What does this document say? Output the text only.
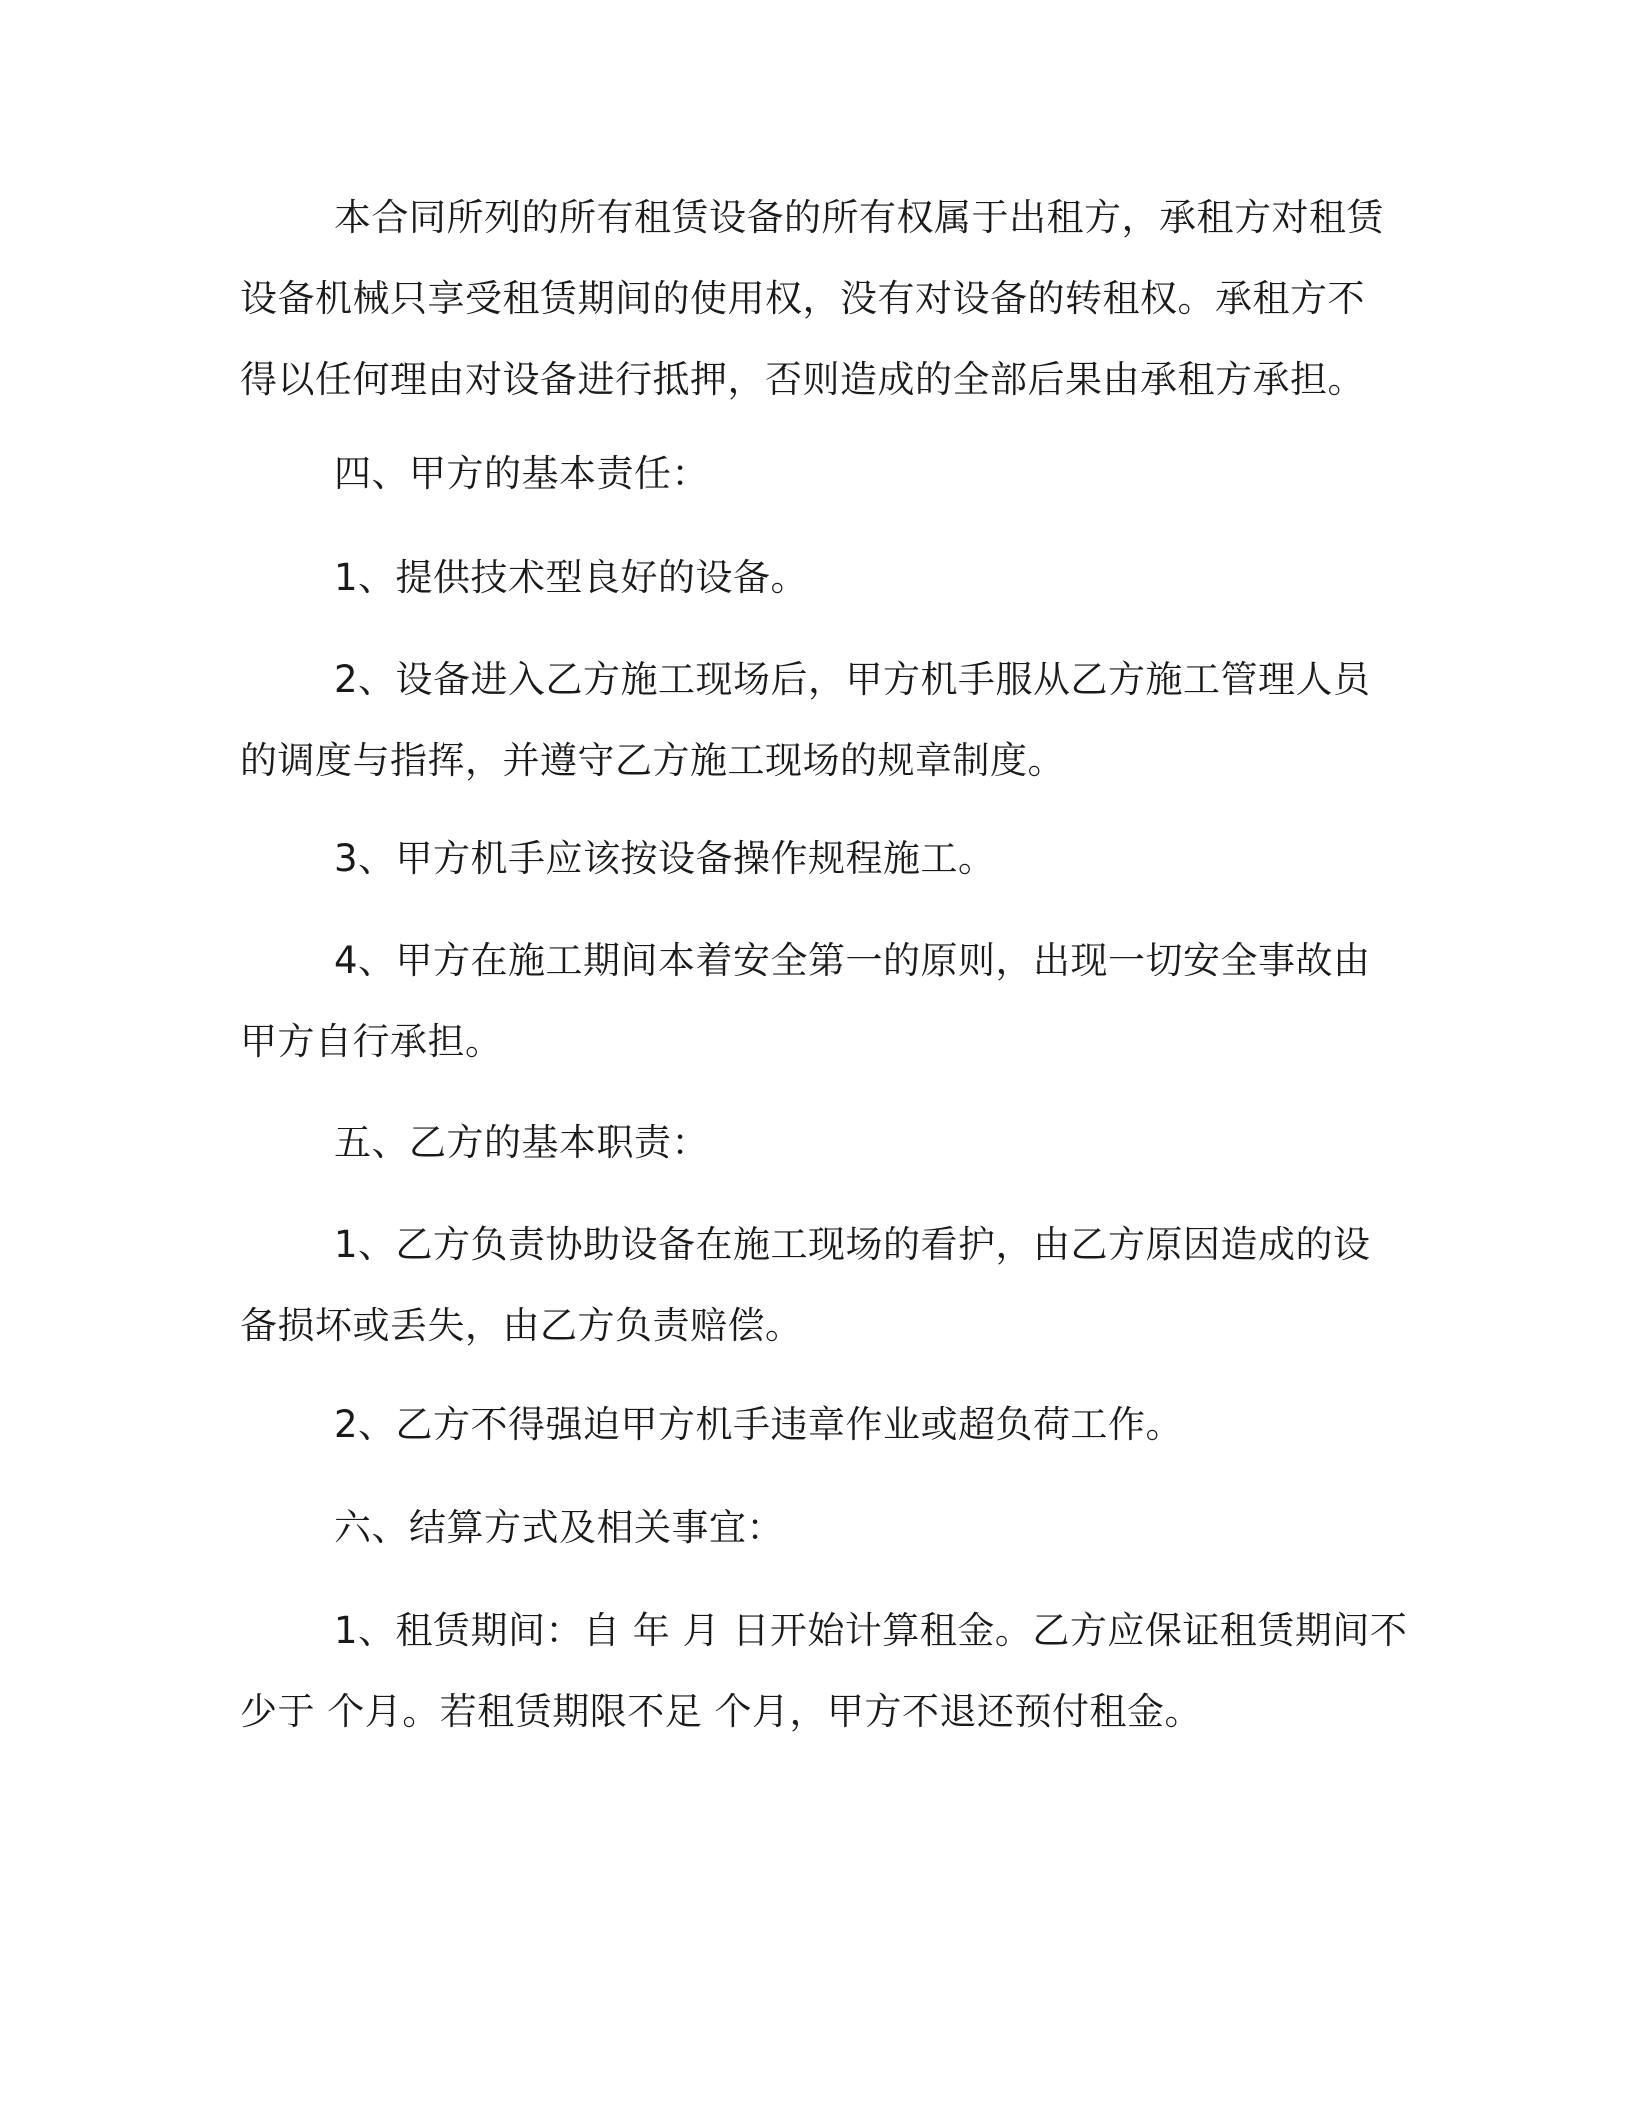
本合同所列的所有租赁设备的所有权属于出租方，承租方对租赁
设备机械只享受租赁期间的使用权，没有对设备的转租权。承租方不
得以任何理由对设备进行抵押，否则造成的全部后果由承租方承担。

四、甲方的基本责任：

1、提供技术型良好的设备。

2、设备进入乙方施工现场后，甲方机手服从乙方施工管理人员
的调度与指挥，并遵守乙方施工现场的规章制度。

3、甲方机手应该按设备操作规程施工。

4、甲方在施工期间本着安全第一的原则，出现一切安全事故由
甲方自行承担。

五、乙方的基本职责：

1、乙方负责协助设备在施工现场的看护，由乙方原因造成的设
备损坏或丢失，由乙方负责赔偿。

2、乙方不得强迫甲方机手违章作业或超负荷工作。

六、结算方式及相关事宜：

1、租赁期间：自 年 月 日开始计算租金。乙方应保证租赁期间不
少于 个月。若租赁期限不足 个月，甲方不退还预付租金。
